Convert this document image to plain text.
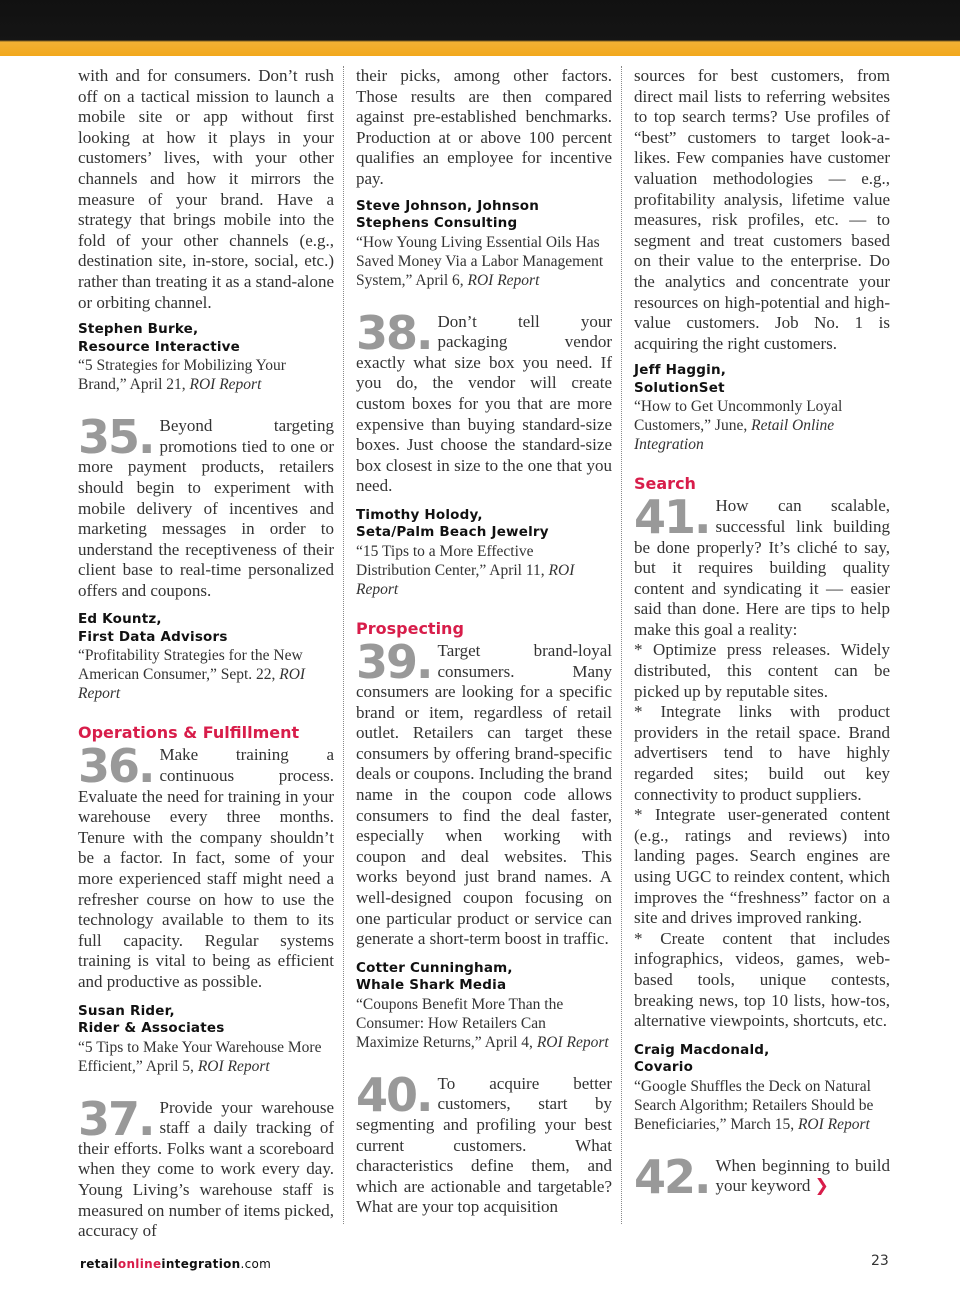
with and for consumers. Don’t rush off on a tactical mission to launch a mobile site or app without first looking at how it plays in your customers’ lives, with your other channels and how it mirrors the measure of your brand. Have a strategy that brings mobile into the fold of your other channels (e.g., destination site, in-store, social, etc.) rather than treating it as a stand-alone or orbiting channel.

Stephen Burke,
Resource Interactive
“5 Strategies for Mobilizing Your Brand,” April 21, ROI Report
35. Beyond targeting promotions tied to one or more payment products, retailers should begin to experiment with mobile delivery of incentives and marketing messages in order to understand the receptiveness of their client base to real-time personalized offers and coupons.

Ed Kountz,
First Data Advisors
“Profitability Strategies for the New American Consumer,” Sept. 22, ROI Report
Operations & Fulfillment
36. Make training a continuous process. Evaluate the need for training in your warehouse every three months. Tenure with the company shouldn’t be a factor. In fact, some of your more experienced staff might need a refresher course on how to use the technology available to them to its full capacity. Regular systems training is vital to being as efficient and productive as possible.

Susan Rider,
Rider & Associates
“5 Tips to Make Your Warehouse More Efficient,” April 5, ROI Report
37. Provide your warehouse staff a daily tracking of their efforts. Folks want a scoreboard when they come to work every day. Young Living’s warehouse staff is measured on number of items picked, accuracy of

their picks, among other factors. Those results are then compared against pre-established benchmarks. Production at or above 100 percent qualifies an employee for incentive pay.

Steve Johnson, Johnson
Stephens Consulting
“How Young Living Essential Oils Has Saved Money Via a Labor Management System,” April 6, ROI Report
38. Don’t tell your packaging vendor exactly what size box you need. If you do, the vendor will create custom boxes for you that are more expensive than buying standard-size boxes. Just choose the standard-size box closest in size to the one that you need.

Timothy Holody,
Seta/Palm Beach Jewelry
“15 Tips to a More Effective Distribution Center,” April 11, ROI Report
Prospecting
39. Target brand-loyal consumers. Many consumers are looking for a specific brand or item, regardless of retail outlet. Retailers can target these consumers by offering brand-specific deals or coupons. Including the brand name in the coupon code allows consumers to find the deal faster, especially when working with coupon and deal websites. This works beyond just brand names. A well-designed coupon focusing on one particular product or service can generate a short-term boost in traffic.

Cotter Cunningham,
Whale Shark Media
“Coupons Benefit More Than the Consumer: How Retailers Can Maximize Returns,” April 4, ROI Report
40. To acquire better customers, start by segmenting and profiling your best current customers. What characteristics define them, and which are actionable and targetable? What are your top acquisition

sources for best customers, from direct mail lists to referring websites to top search terms? Use profiles of “best” customers to target look-a-likes. Few companies have customer valuation methodologies — e.g., profitability analysis, lifetime value measures, risk profiles, etc. — to segment and treat customers based on their value to the enterprise. Do the analytics and concentrate your resources on high-potential and high-value customers. Job No. 1 is acquiring the right customers.

Jeff Haggin,
SolutionSet
“How to Get Uncommonly Loyal Customers,” June, Retail Online Integration
Search
41. How can scalable, successful link building be done properly? It’s cliché to say, but it requires building quality content and syndicating it — easier said than done. Here are tips to help make this goal a reality:

* Optimize press releases. Widely distributed, this content can be picked up by reputable sites.

* Integrate links with product providers in the retail space. Brand advertisers tend to have highly regarded sites; build out key connectivity to product suppliers.

* Integrate user-generated content (e.g., ratings and reviews) into landing pages. Search engines are using UGC to reindex content, which improves the “freshness” factor on a site and drives improved ranking.

* Create content that includes infographics, videos, games, web-based tools, unique contests, breaking news, top 10 lists, how-tos, alternative viewpoints, shortcuts, etc.

Craig Macdonald,
Covario
“Google Shuffles the Deck on Natural Search Algorithm; Retailers Should be Beneficiaries,” March 15, ROI Report
42. When beginning to build your keyword ❯

retailonlineintegration.com	23
